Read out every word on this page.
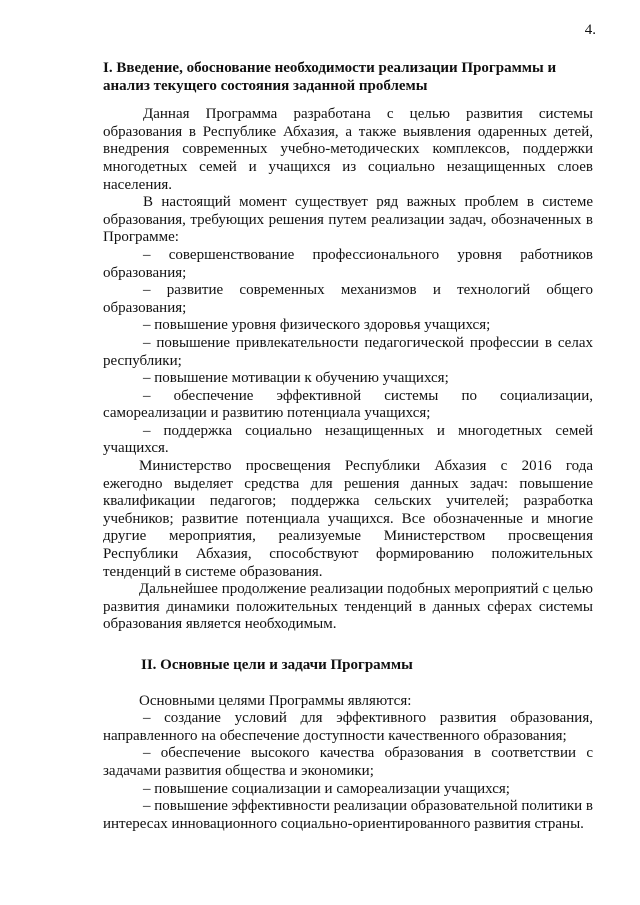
4.
I. Введение, обоснование необходимости реализации Программы и анализ текущего состояния заданной проблемы

Данная Программа разработана с целью развития системы образования в Республике Абхазия, а также выявления одаренных детей, внедрения современных учебно-методических комплексов, поддержки многодетных семей и учащихся из социально незащищенных слоев населения.

В настоящий момент существует ряд важных проблем в системе образования, требующих решения путем реализации задач, обозначенных в Программе:

– совершенствование профессионального уровня работников образования;

– развитие современных механизмов и технологий общего образования;

– повышение уровня физического здоровья учащихся;

– повышение привлекательности педагогической профессии в селах республики;

– повышение мотивации к обучению учащихся;

– обеспечение эффективной системы по социализации, самореализации и развитию потенциала учащихся;

– поддержка социально незащищенных и многодетных семей учащихся.

Министерство просвещения Республики Абхазия с 2016 года ежегодно выделяет средства для решения данных задач: повышение квалификации педагогов; поддержка сельских учителей; разработка учебников; развитие потенциала учащихся. Все обозначенные и многие другие мероприятия, реализуемые Министерством просвещения Республики Абхазия, способствуют формированию положительных тенденций в системе образования.

Дальнейшее продолжение реализации подобных мероприятий с целью развития динамики положительных тенденций в данных сферах системы образования является необходимым.

II. Основные цели и задачи Программы

Основными целями Программы являются:

– создание условий для эффективного развития образования, направленного на обеспечение доступности качественного образования;

– обеспечение высокого качества образования в соответствии с задачами развития общества и экономики;

– повышение социализации и самореализации учащихся;

– повышение эффективности реализации образовательной политики в интересах инновационного социально-ориентированного развития страны.
